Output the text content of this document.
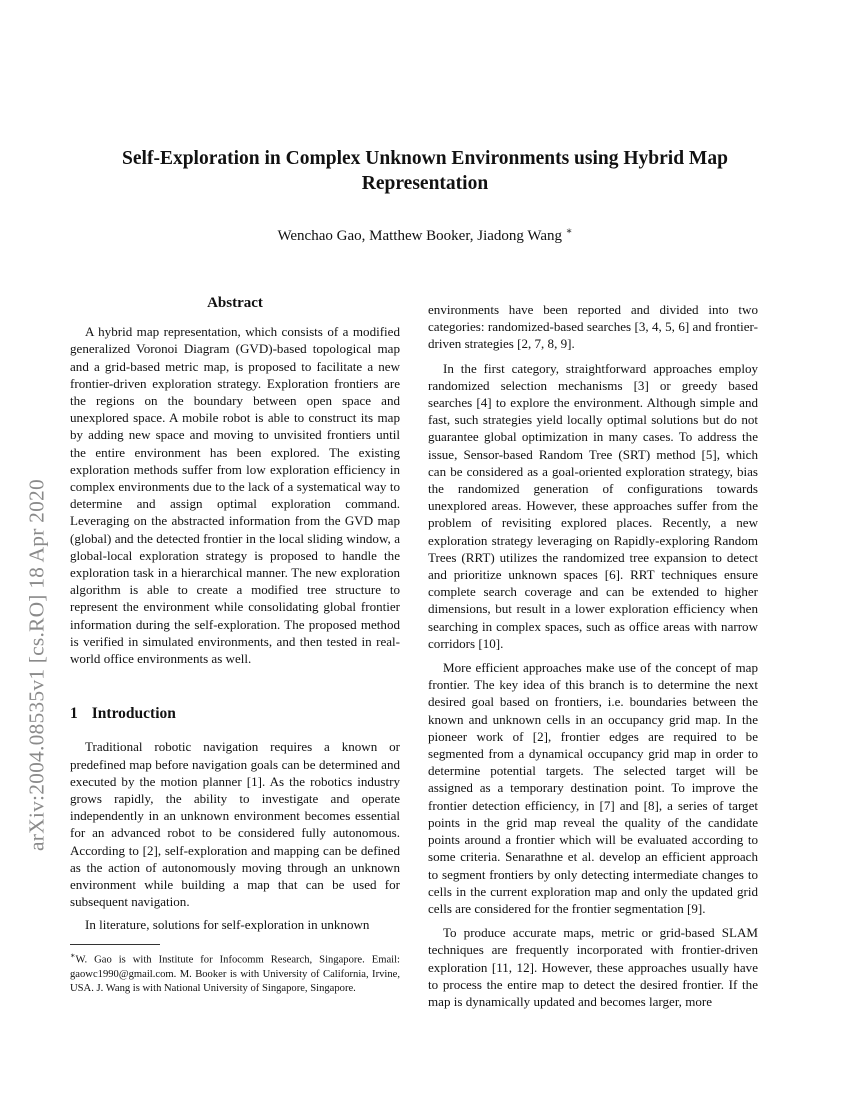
arXiv:2004.08535v1 [cs.RO] 18 Apr 2020
Self-Exploration in Complex Unknown Environments using Hybrid Map Representation
Wenchao Gao, Matthew Booker, Jiadong Wang ∗
Abstract

A hybrid map representation, which consists of a modified generalized Voronoi Diagram (GVD)-based topological map and a grid-based metric map, is proposed to facilitate a new frontier-driven exploration strategy. Exploration frontiers are the regions on the boundary between open space and unexplored space. A mobile robot is able to construct its map by adding new space and moving to unvisited frontiers until the entire environment has been explored. The existing exploration methods suffer from low exploration efficiency in complex environments due to the lack of a systematical way to determine and assign optimal exploration command. Leveraging on the abstracted information from the GVD map (global) and the detected frontier in the local sliding window, a global-local exploration strategy is proposed to handle the exploration task in a hierarchical manner. The new exploration algorithm is able to create a modified tree structure to represent the environment while consolidating global frontier information during the self-exploration. The proposed method is verified in simulated environments, and then tested in real-world office environments as well.

1 Introduction

Traditional robotic navigation requires a known or predefined map before navigation goals can be determined and executed by the motion planner [1]. As the robotics industry grows rapidly, the ability to investigate and operate independently in an unknown environment becomes essential for an advanced robot to be considered fully autonomous. According to [2], self-exploration and mapping can be defined as the action of autonomously moving through an unknown environment while building a map that can be used for subsequent navigation.

In literature, solutions for self-exploration in unknown

environments have been reported and divided into two categories: randomized-based searches [3, 4, 5, 6] and frontier-driven strategies [2, 7, 8, 9].

In the first category, straightforward approaches employ randomized selection mechanisms [3] or greedy based searches [4] to explore the environment. Although simple and fast, such strategies yield locally optimal solutions but do not guarantee global optimization in many cases. To address the issue, Sensor-based Random Tree (SRT) method [5], which can be considered as a goal-oriented exploration strategy, bias the randomized generation of configurations towards unexplored areas. However, these approaches suffer from the problem of revisiting explored places. Recently, a new exploration strategy leveraging on Rapidly-exploring Random Trees (RRT) utilizes the randomized tree expansion to detect and prioritize unknown spaces [6]. RRT techniques ensure complete search coverage and can be extended to higher dimensions, but result in a lower exploration efficiency when searching in complex spaces, such as office areas with narrow corridors [10].

More efficient approaches make use of the concept of map frontier. The key idea of this branch is to determine the next desired goal based on frontiers, i.e. boundaries between the known and unknown cells in an occupancy grid map. In the pioneer work of [2], frontier edges are required to be segmented from a dynamical occupancy grid map in order to determine potential targets. The selected target will be assigned as a temporary destination point. To improve the frontier detection efficiency, in [7] and [8], a series of target points in the grid map reveal the quality of the candidate points around a frontier which will be evaluated according to some criteria. Senarathne et al. develop an efficient approach to segment frontiers by only detecting intermediate changes to cells in the current exploration map and only the updated grid cells are considered for the frontier segmentation [9].

To produce accurate maps, metric or grid-based SLAM techniques are frequently incorporated with frontier-driven exploration [11, 12]. However, these approaches usually have to process the entire map to detect the desired frontier. If the map is dynamically updated and becomes larger, more

∗W. Gao is with Institute for Infocomm Research, Singapore. Email: gaowc1990@gmail.com. M. Booker is with University of California, Irvine, USA. J. Wang is with National University of Singapore, Singapore.
